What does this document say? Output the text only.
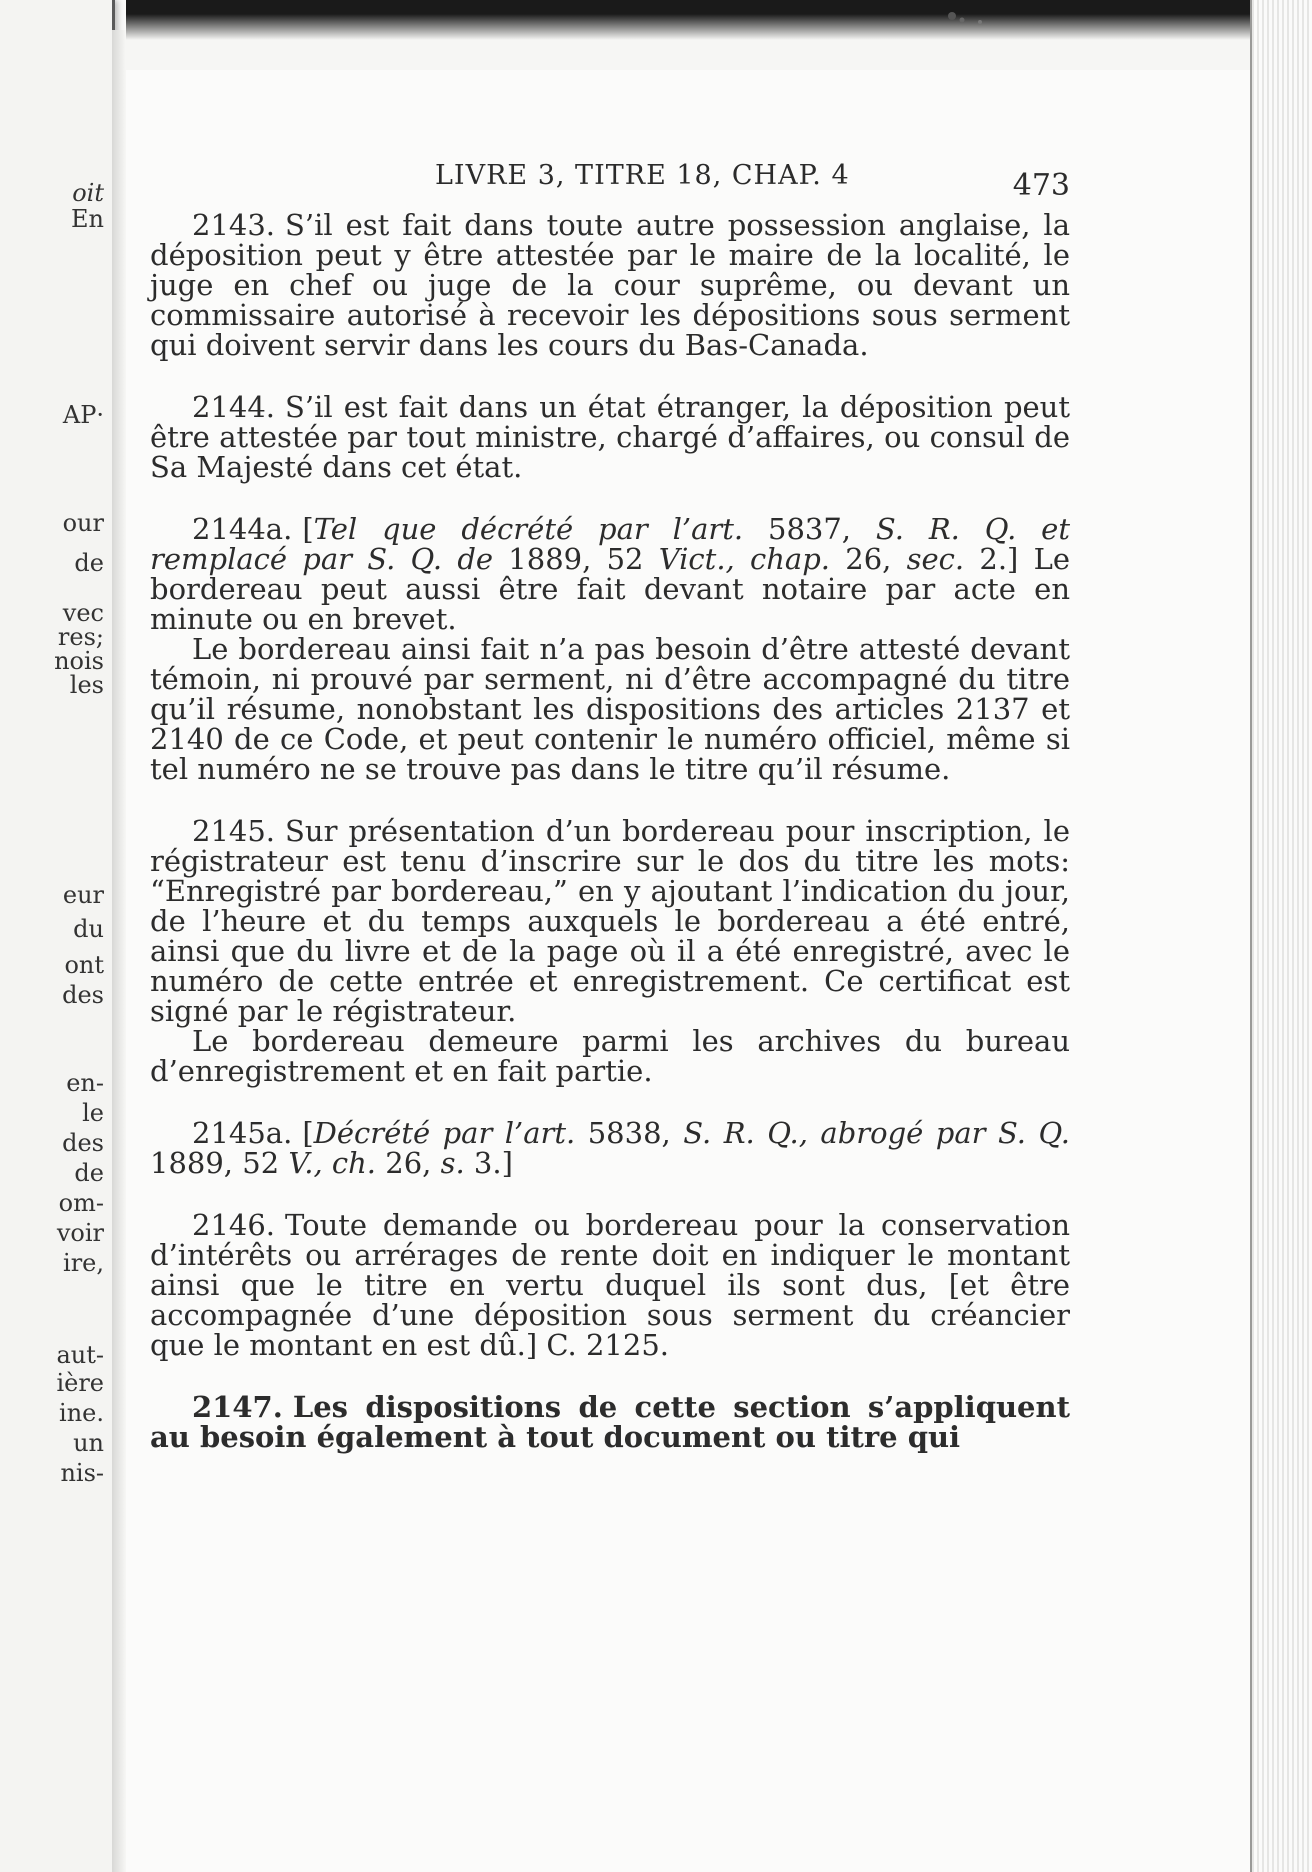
oit
En
AP·
our
de
vec
res;
nois
les
eur
du
ont
des
en-
le
des
de
om-
voir
ire,
aut-
ière
ine.
un
nis-
LIVRE 3, TITRE 18, CHAP. 4	473

2143. S’il est fait dans toute autre possession anglaise, la déposition peut y être attestée par le maire de la localité, le juge en chef ou juge de la cour suprême, ou devant un commissaire autorisé à recevoir les dépositions sous serment qui doivent servir dans les cours du Bas-Canada.

2144. S’il est fait dans un état étranger, la déposition peut être attestée par tout ministre, chargé d’affaires, ou consul de Sa Majesté dans cet état.

2144a. [Tel que décrété par l’art. 5837, S. R. Q. et remplacé par S. Q. de 1889, 52 Vict., chap. 26, sec. 2.] Le bordereau peut aussi être fait devant notaire par acte en minute ou en brevet.

Le bordereau ainsi fait n’a pas besoin d’être attesté devant témoin, ni prouvé par serment, ni d’être accompagné du titre qu’il résume, nonobstant les dispositions des articles 2137 et 2140 de ce Code, et peut contenir le numéro officiel, même si tel numéro ne se trouve pas dans le titre qu’il résume.

2145. Sur présentation d’un bordereau pour inscription, le régistrateur est tenu d’inscrire sur le dos du titre les mots: “Enregistré par bordereau,” en y ajoutant l’indication du jour, de l’heure et du temps auxquels le bordereau a été entré, ainsi que du livre et de la page où il a été enregistré, avec le numéro de cette entrée et enregistrement. Ce certificat est signé par le régistrateur.

Le bordereau demeure parmi les archives du bureau d’enregistrement et en fait partie.

2145a. [Décrété par l’art. 5838, S. R. Q., abrogé par S. Q. 1889, 52 V., ch. 26, s. 3.]

2146. Toute demande ou bordereau pour la conservation d’intérêts ou arrérages de rente doit en indiquer le montant ainsi que le titre en vertu duquel ils sont dus, [et être accompagnée d’une déposition sous serment du créancier que le montant en est dû.] C. 2125.

2147. Les dispositions de cette section s’appliquent au besoin également à tout document ou titre qui
